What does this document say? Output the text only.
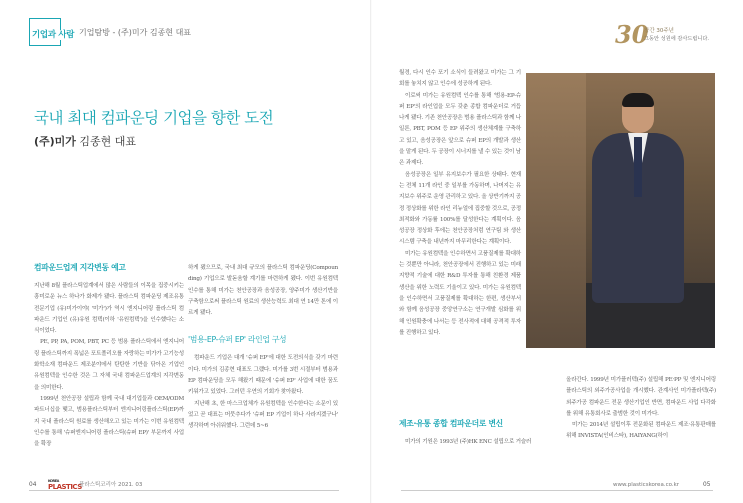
기업과 사람 기업탐방 - (주)미가 김종현 대표
국내 최대 컴파운딩 기업을 향한 도전
(주)미가 김종현 대표
컴파운드업계 지각변동 예고

지난해 8월 플라스틱업계에서 많은 사람들의 이목을 집중시키는 흥미로운 뉴스 하나가 화제가 됐다. 플라스틱 컴파운딩 제조유통 전문기업 (유)미가이야( '미가')가 역시 엔지니어링 플라스틱 컴파운드 기업인 (유)유원 컴텍(이하 '유원컴텍')을 인수했다는 소식이었다.

PE, PP, PA, POM, PBT, PC 등 범용 플라스틱에서 엔지니어링 플라스틱까지 폭넓은 포트폴리오를 자랑하는 미가가 고기능성 화학소재 컴파운드 제조분야에서 탄탄한 기반을 닦아온 기업인 유원컴텍을 인수한 것은 그 자체 국내 컴파운드업계의 지각변동을 의미한다.

1999년 천안공장 설립과 함께 국내 대기업들과 OEM/ODM 파트너십을 맺고, 범용플라스틱부터 엔지니어링플라스틱(EP)까지 국내 플라스틱 원료를 생산해오고 있는 미가는 이번 유원컴텍 인수를 통해 '슈퍼엔지니어링 플라스틱(슈퍼 EP)' 부문까지 사업을 확장

하게 됐으므로, 국내 최대 규모의 플라스틱 컴파운딩(Compounding) 기업으로 발돋움할 계기를 마련하게 됐다. 이번 유원컴텍 인수를 통해 미가는 천안공장과 음성공장, 양주미가 생산기반을 구축함으로써 플라스틱 원료의 생산능력도 최대 연 14만 톤에 이르게 됐다.

'범용-EP-슈퍼 EP' 라인업 구성

컴파운드 기업은 대개 '슈퍼 EP'에 대한 도전의식을 갖기 마련이다. 미가의 김종현 대표도 그랬다. 미가를 3번 시절부터 범용과 EP 컴파운딩을 모두 해왔기 때문에 '슈퍼 EP' 사업에 대한 꿈도 키워가고 있었다. 그러던 우연의 기회가 찾아왔다.

지난해 초, 한 마스크업체가 유원컴텍을 인수한다는 소문이 있었고 곧 대표는 머뭇추다가 '슈퍼 EP 기업이 하나 사라지겠구나' 생각하며 아쉬워했다. 그런데 5~6

04
KOREA
PLASTICS
플라스틱코리아 2021. 03
30
창간 30주년
그동안 성원에 감사드립니다.

월경, 다시 인수 포기 소식이 들려왔고 미가는 그 기회를 놓치지 않고 인수에 성공하게 된다.

이로써 미가는 유원컴텍 인수를 통해 '범용-EP-슈퍼 EP'의 라인업을 모두 갖춘 종합 컴파운더로 거듭나게 됐다. 기존 천안공장은 범용 플라스틱과 함께 나일론, PBT, POM 등 EP 위주의 생산체계를 구축하고 있고, 음성공장은 앞으로 슈퍼 EP의 개발과 생산을 맡게 된다. 두 공장이 시너지를 낼 수 있는 것이 남은 과제다.

음성공장은 일부 유지보수가 필요한 상태다. 현재는 전체 11개 라인 중 일부를 가동하며, 나머지는 유지보수 위주로 운영 관리하고 있다. 올 상반기까지 공정 정상화를 위한 라인 리뉴얼에 집중할 것으로, 공정 최적화와 가동률 100%를 달성한다는 계획이다. 음성공장 정상화 후에는 천안공장처럼 연구팀 와 생산시스템 구축을 내년까지 마무리한다는 계획이다.

미가는 유원컴텍을 인수하면서 고품질제를 확대하는 것뿐만 아니라, 천안공장에서 진행하고 있는 미래지향적 기술에 대한 R&D 투자를 통해 친환경 제품 생산을 위한 노력도 기울이고 있다. 미가는 유원컴텍을 인수하면서 고품질제를 확대하는 한편, 생산부서와 함께 음성공장 중앙연구소는 연구개발 심화를 위해 인원확충에 나서는 등 전사적에 대해 공격적 투자를 진행하고 있다.

제조·유통 종합 컴파운더로 변신

미가의 기원은 1993년 (주)HK ENC 설립으로 거슬러

올라간다. 1999년 미가플러텍(주) 설립해 PE·PP 및 엔지니어링 플라스틱의 외주가공사업을 개시했다. 관계사인 미가플라텍(주) 외주가공 컴파운드 전문 생산기업인 반면, 컴파운드 사업 다각화를 위해 유통회사로 출범한 것이 미가다.

미가는 2014년 설립이후 전문화된 컴파운드 제조·유통판매를 위해 INVISTA(인비스타), HAIYANG(하이

www.plasticskorea.co.kr	05
